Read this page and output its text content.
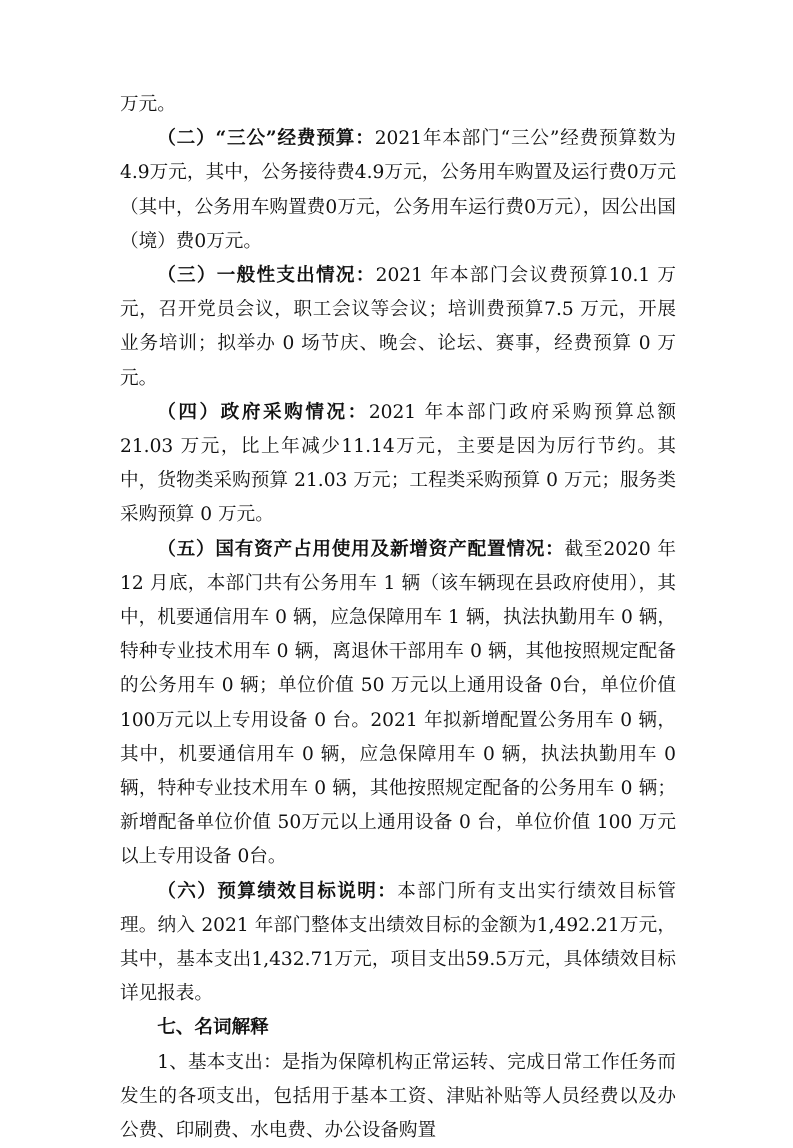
万元。

（二）“三公”经费预算：2021年本部门“三公”经费预算数为4.9万元，其中，公务接待费4.9万元，公务用车购置及运行费0万元（其中，公务用车购置费0万元，公务用车运行费0万元），因公出国（境）费0万元。

（三）一般性支出情况：2021 年本部门会议费预算10.1 万元，召开党员会议，职工会议等会议；培训费预算7.5 万元，开展业务培训；拟举办 0 场节庆、晚会、论坛、赛事，经费预算 0 万元。

（四）政府采购情况：2021 年本部门政府采购预算总额 21.03 万元，比上年减少11.14万元，主要是因为厉行节约。其中，货物类采购预算 21.03 万元；工程类采购预算 0 万元；服务类采购预算 0 万元。

（五）国有资产占用使用及新增资产配置情况：截至2020 年 12 月底，本部门共有公务用车 1 辆（该车辆现在县政府使用），其中，机要通信用车 0 辆，应急保障用车 1 辆，执法执勤用车 0 辆，特种专业技术用车 0 辆，离退休干部用车 0 辆，其他按照规定配备的公务用车 0 辆；单位价值 50 万元以上通用设备 0台，单位价值 100万元以上专用设备 0 台。2021 年拟新增配置公务用车 0 辆，其中，机要通信用车 0 辆，应急保障用车 0 辆，执法执勤用车 0 辆，特种专业技术用车 0 辆，其他按照规定配备的公务用车 0 辆；新增配备单位价值 50万元以上通用设备 0 台，单位价值 100 万元以上专用设备 0台。

（六）预算绩效目标说明：本部门所有支出实行绩效目标管理。纳入 2021 年部门整体支出绩效目标的金额为1,492.21万元，其中，基本支出1,432.71万元，项目支出59.5万元，具体绩效目标详见报表。

七、名词解释

1、基本支出：是指为保障机构正常运转、完成日常工作任务而发生的各项支出，包括用于基本工资、津贴补贴等人员经费以及办公费、印刷费、水电费、办公设备购置
